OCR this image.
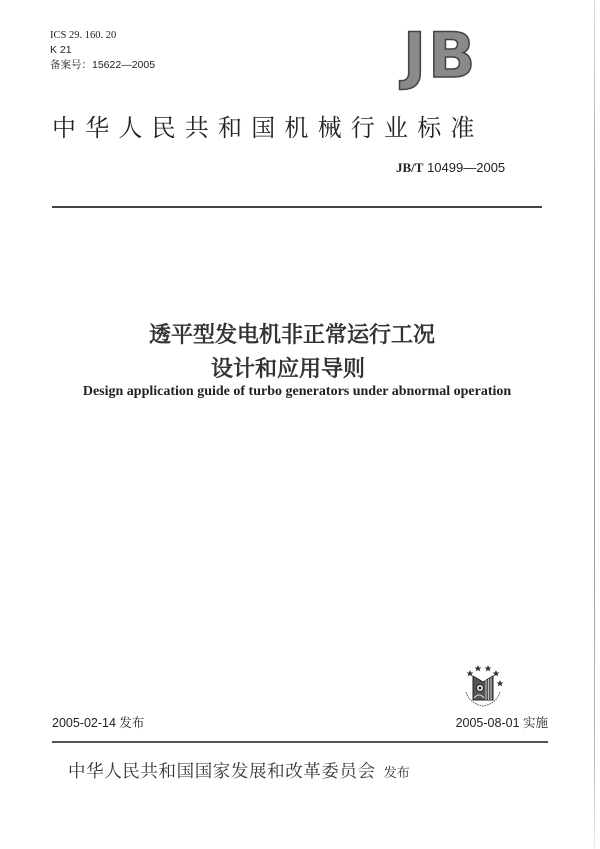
ICS 29. 160. 20
K 21
备案号：15622—2005	JB
中华人民共和国机械行业标准
JB/T 10499—2005
透平型发电机非正常运行工况
设计和应用导则
Design application guide of turbo generators under abnormal operation
2005-02-14 发布	2005-08-01 实施
中华人民共和国国家发展和改革委员会 发布
